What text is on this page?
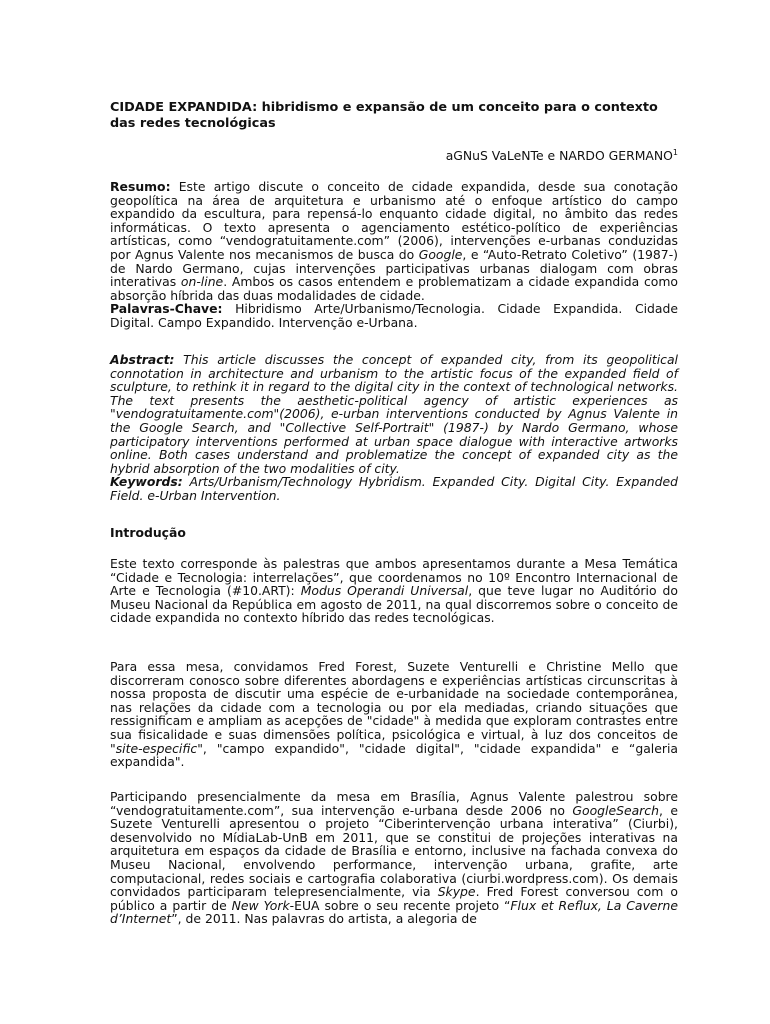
CIDADE EXPANDIDA: hibridismo e expansão de um conceito para o contexto das redes tecnológicas
aGNuS VaLeNTe e NARDO GERMANO$^1$
Resumo: Este artigo discute o conceito de cidade expandida, desde sua conotação geopolítica na área de arquitetura e urbanismo até o enfoque artístico do campo expandido da escultura, para repensá-lo enquanto cidade digital, no âmbito das redes informáticas. O texto apresenta o agenciamento estético-político de experiências artísticas, como “vendogratuitamente.com” (2006), intervenções e-urbanas conduzidas por Agnus Valente nos mecanismos de busca do Google, e “Auto-Retrato Coletivo” (1987-) de Nardo Germano, cujas intervenções participativas urbanas dialogam com obras interativas on-line. Ambos os casos entendem e problematizam a cidade expandida como absorção híbrida das duas modalidades de cidade.
Palavras-Chave: Hibridismo Arte/Urbanismo/Tecnologia. Cidade Expandida. Cidade Digital. Campo Expandido. Intervenção e-Urbana.
Abstract: This article discusses the concept of expanded city, from its geopolitical connotation in architecture and urbanism to the artistic focus of the expanded field of sculpture, to rethink it in regard to the digital city in the context of technological networks. The text presents the aesthetic-political agency of artistic experiences as "vendogratuitamente.com"(2006), e-urban interventions conducted by Agnus Valente in the Google Search, and "Collective Self-Portrait" (1987-) by Nardo Germano, whose participatory interventions performed at urban space dialogue with interactive artworks online. Both cases understand and problematize the concept of expanded city as the hybrid absorption of the two modalities of city.
Keywords: Arts/Urbanism/Technology Hybridism. Expanded City. Digital City. Expanded Field. e-Urban Intervention.
Introdução
Este texto corresponde às palestras que ambos apresentamos durante a Mesa Temática “Cidade e Tecnologia: interrelações”, que coordenamos no 10º Encontro Internacional de Arte e Tecnologia (#10.ART): Modus Operandi Universal, que teve lugar no Auditório do Museu Nacional da República em agosto de 2011, na qual discorremos sobre o conceito de cidade expandida no contexto híbrido das redes tecnológicas.
Para essa mesa, convidamos Fred Forest, Suzete Venturelli e Christine Mello que discorreram conosco sobre diferentes abordagens e experiências artísticas circunscritas à nossa proposta de discutir uma espécie de e-urbanidade na sociedade contemporânea, nas relações da cidade com a tecnologia ou por ela mediadas, criando situações que ressignificam e ampliam as acepções de "cidade" à medida que exploram contrastes entre sua fisicalidade e suas dimensões política, psicológica e virtual, à luz dos conceitos de "site-especific", "campo expandido", "cidade digital", "cidade expandida" e “galeria expandida".
Participando presencialmente da mesa em Brasília, Agnus Valente palestrou sobre “vendogratuitamente.com”, sua intervenção e-urbana desde 2006 no GoogleSearch, e Suzete Venturelli apresentou o projeto “Ciberintervenção urbana interativa” (Ciurbi), desenvolvido no MídiaLab-UnB em 2011, que se constitui de projeções interativas na arquitetura em espaços da cidade de Brasília e entorno, inclusive na fachada convexa do Museu Nacional, envolvendo performance, intervenção urbana, grafite, arte computacional, redes sociais e cartografia colaborativa (ciurbi.wordpress.com). Os demais convidados participaram telepresencialmente, via Skype. Fred Forest conversou com o público a partir de New York-EUA sobre o seu recente projeto “Flux et Reflux, La Caverne d’Internet”, de 2011. Nas palavras do artista, a alegoria de
